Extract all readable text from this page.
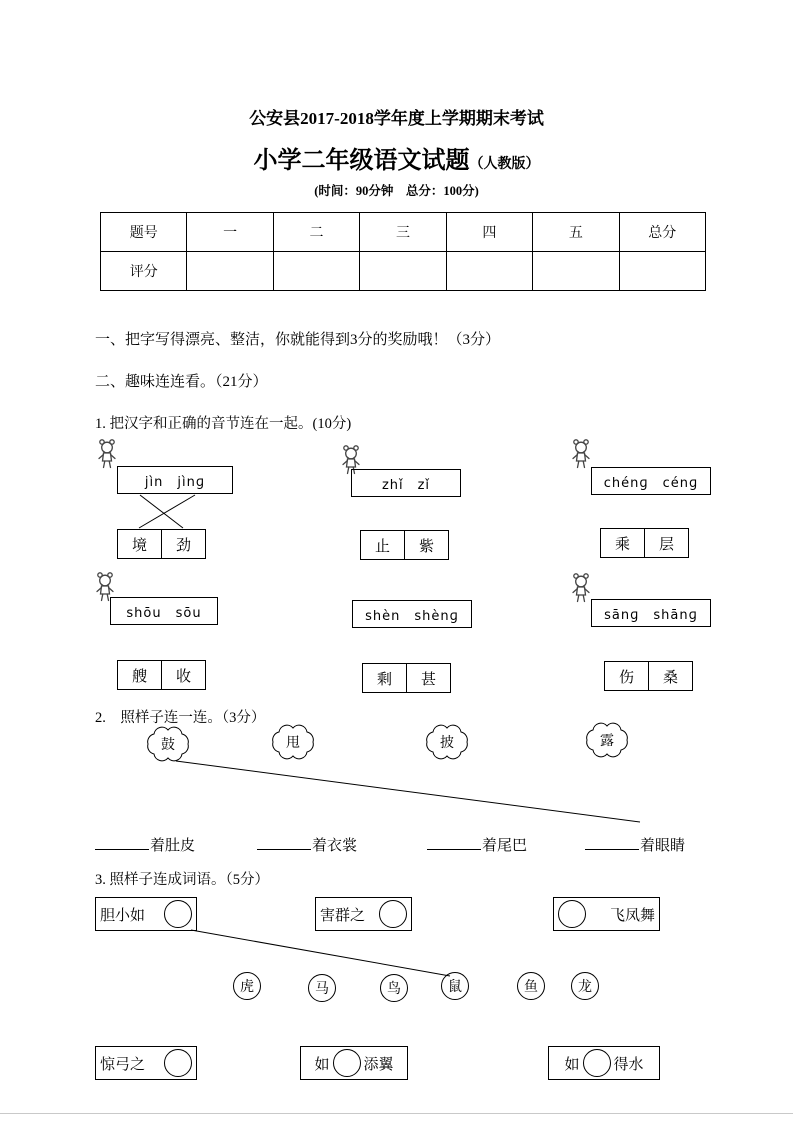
公安县2017-2018学年度上学期期末考试
小学二年级语文试题（人教版）
(时间：90分钟　总分：100分)
题号	一	二	三	四	五	总分
评分						
一、把字写得漂亮、整洁，你就能得到3分的奖励哦！（3分）
二、趣味连连看。（21分）
1. 把汉字和正确的音节连在一起。(10分)
jìn　jìnɡ	zhǐ　zǐ	chénɡ　cénɡ
shōu　sōu	shèn　shènɡ	sānɡ　shānɡ
境	劲	止	紫	乘	层
艘	收	剩	甚	伤	桑
2.　照样子连一连。（3分）
鼓	甩	披	露
着肚皮	着衣裳	着尾巴	着眼睛
3. 照样子连成词语。（5分）
胆小如	害群之	飞凤舞
虎	马	鸟	鼠	鱼	龙
惊弓之	如 添翼	如 得水
